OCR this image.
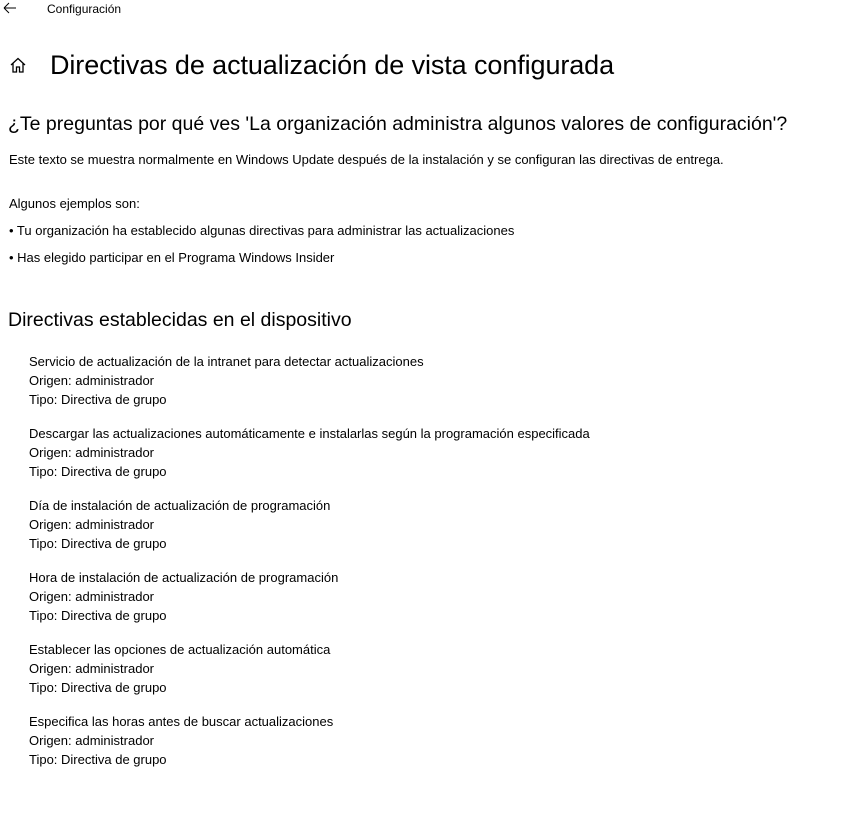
Configuración
Directivas de actualización de vista configurada
¿Te preguntas por qué ves 'La organización administra algunos valores de configuración'?

Este texto se muestra normalmente en Windows Update después de la instalación y se configuran las directivas de entrega.

Algunos ejemplos son:

• Tu organización ha establecido algunas directivas para administrar las actualizaciones

• Has elegido participar en el Programa Windows Insider

Directivas establecidas en el dispositivo
Servicio de actualización de la intranet para detectar actualizaciones
Origen: administrador
Tipo: Directiva de grupo
Descargar las actualizaciones automáticamente e instalarlas según la programación especificada
Origen: administrador
Tipo: Directiva de grupo
Día de instalación de actualización de programación
Origen: administrador
Tipo: Directiva de grupo
Hora de instalación de actualización de programación
Origen: administrador
Tipo: Directiva de grupo
Establecer las opciones de actualización automática
Origen: administrador
Tipo: Directiva de grupo
Especifica las horas antes de buscar actualizaciones
Origen: administrador
Tipo: Directiva de grupo
